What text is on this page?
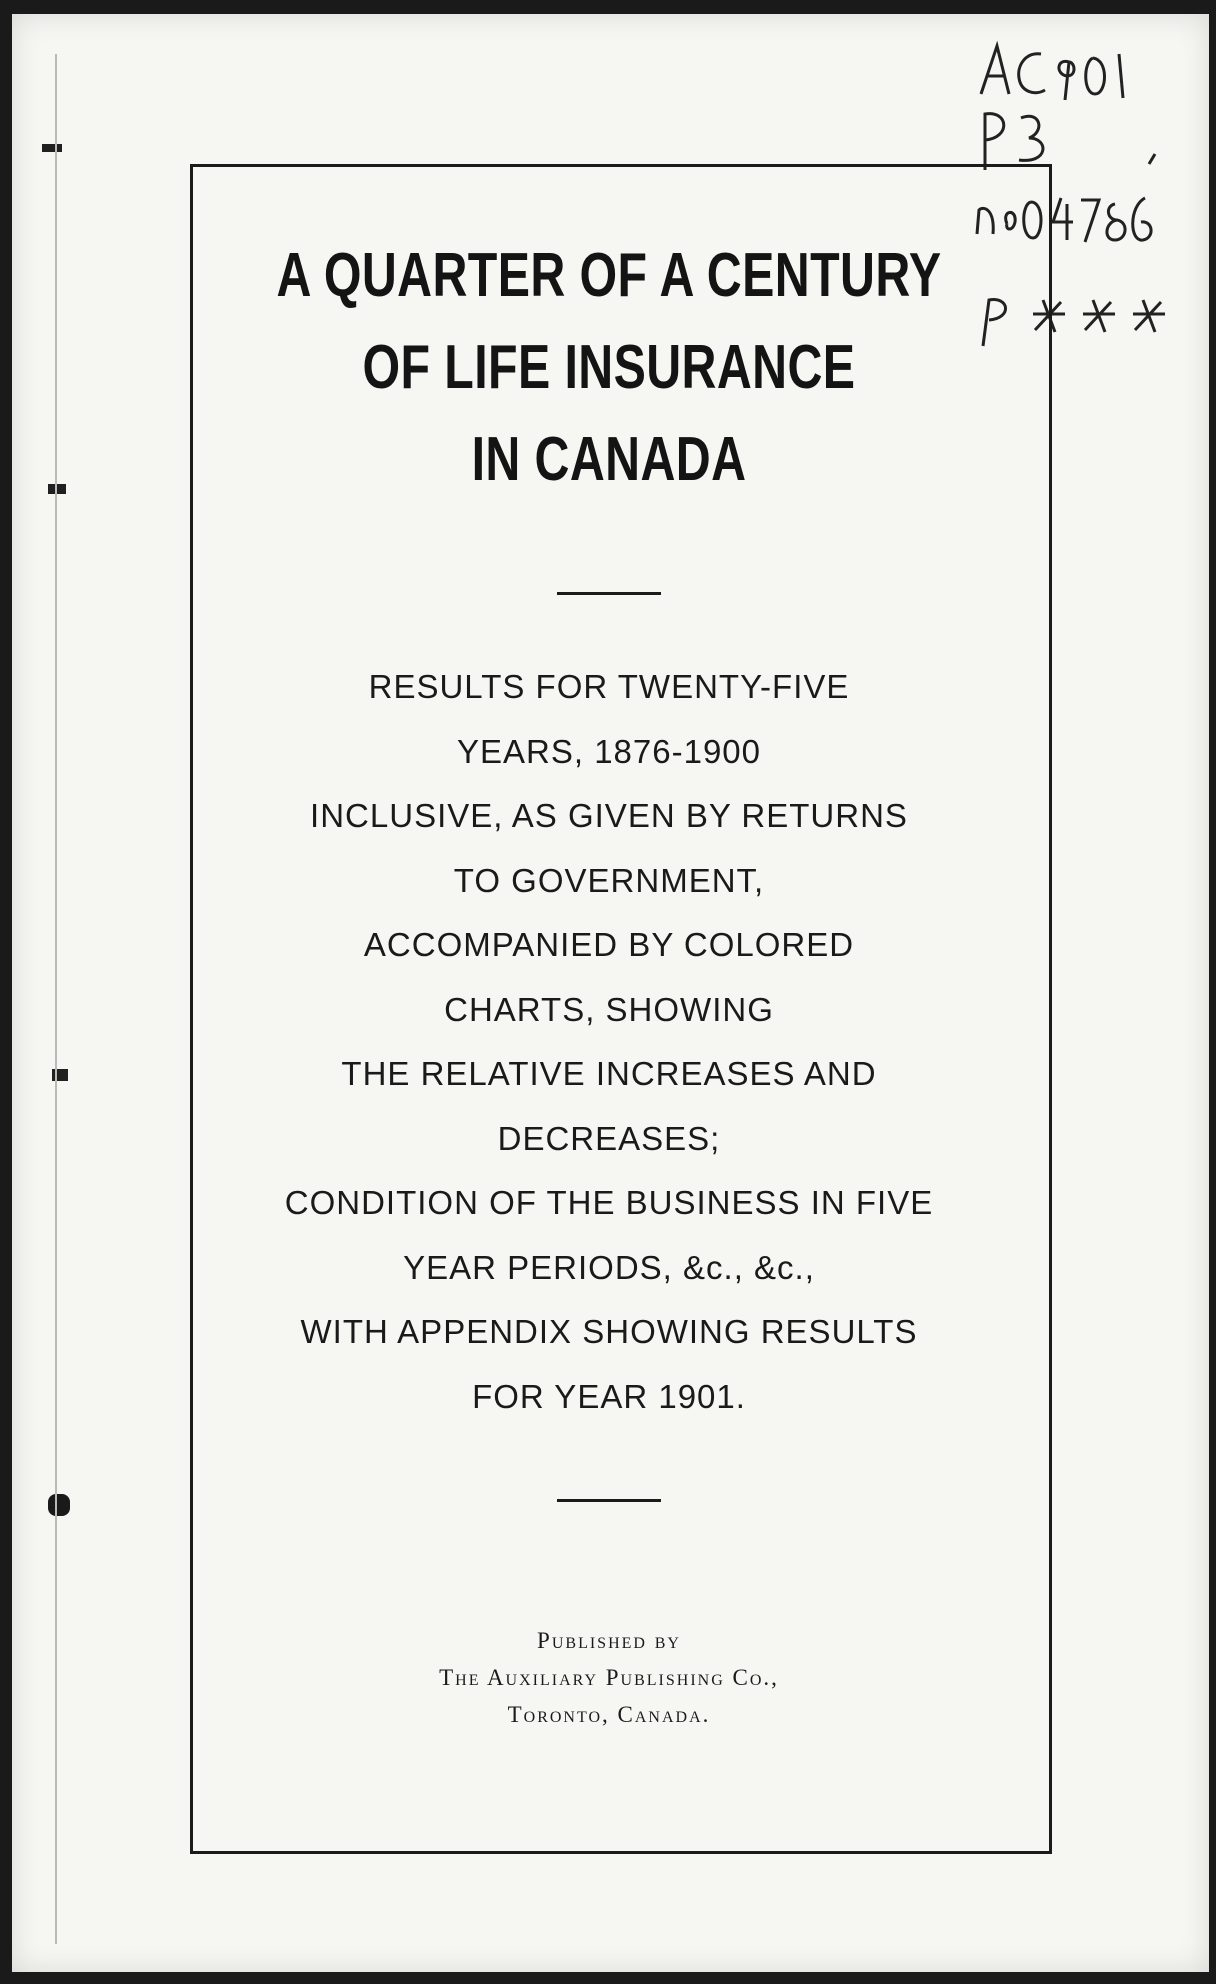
A QUARTER OF A CENTURY
OF LIFE INSURANCE
IN CANADA
RESULTS FOR TWENTY-FIVE
YEARS, 1876-1900
INCLUSIVE, AS GIVEN BY RETURNS
TO GOVERNMENT,
ACCOMPANIED BY COLORED
CHARTS, SHOWING
THE RELATIVE INCREASES AND
DECREASES;
CONDITION OF THE BUSINESS IN FIVE
YEAR PERIODS, &c., &c.,
WITH APPENDIX SHOWING RESULTS
FOR YEAR 1901.
Published by
The Auxiliary Publishing Co.,
Toronto, Canada.
